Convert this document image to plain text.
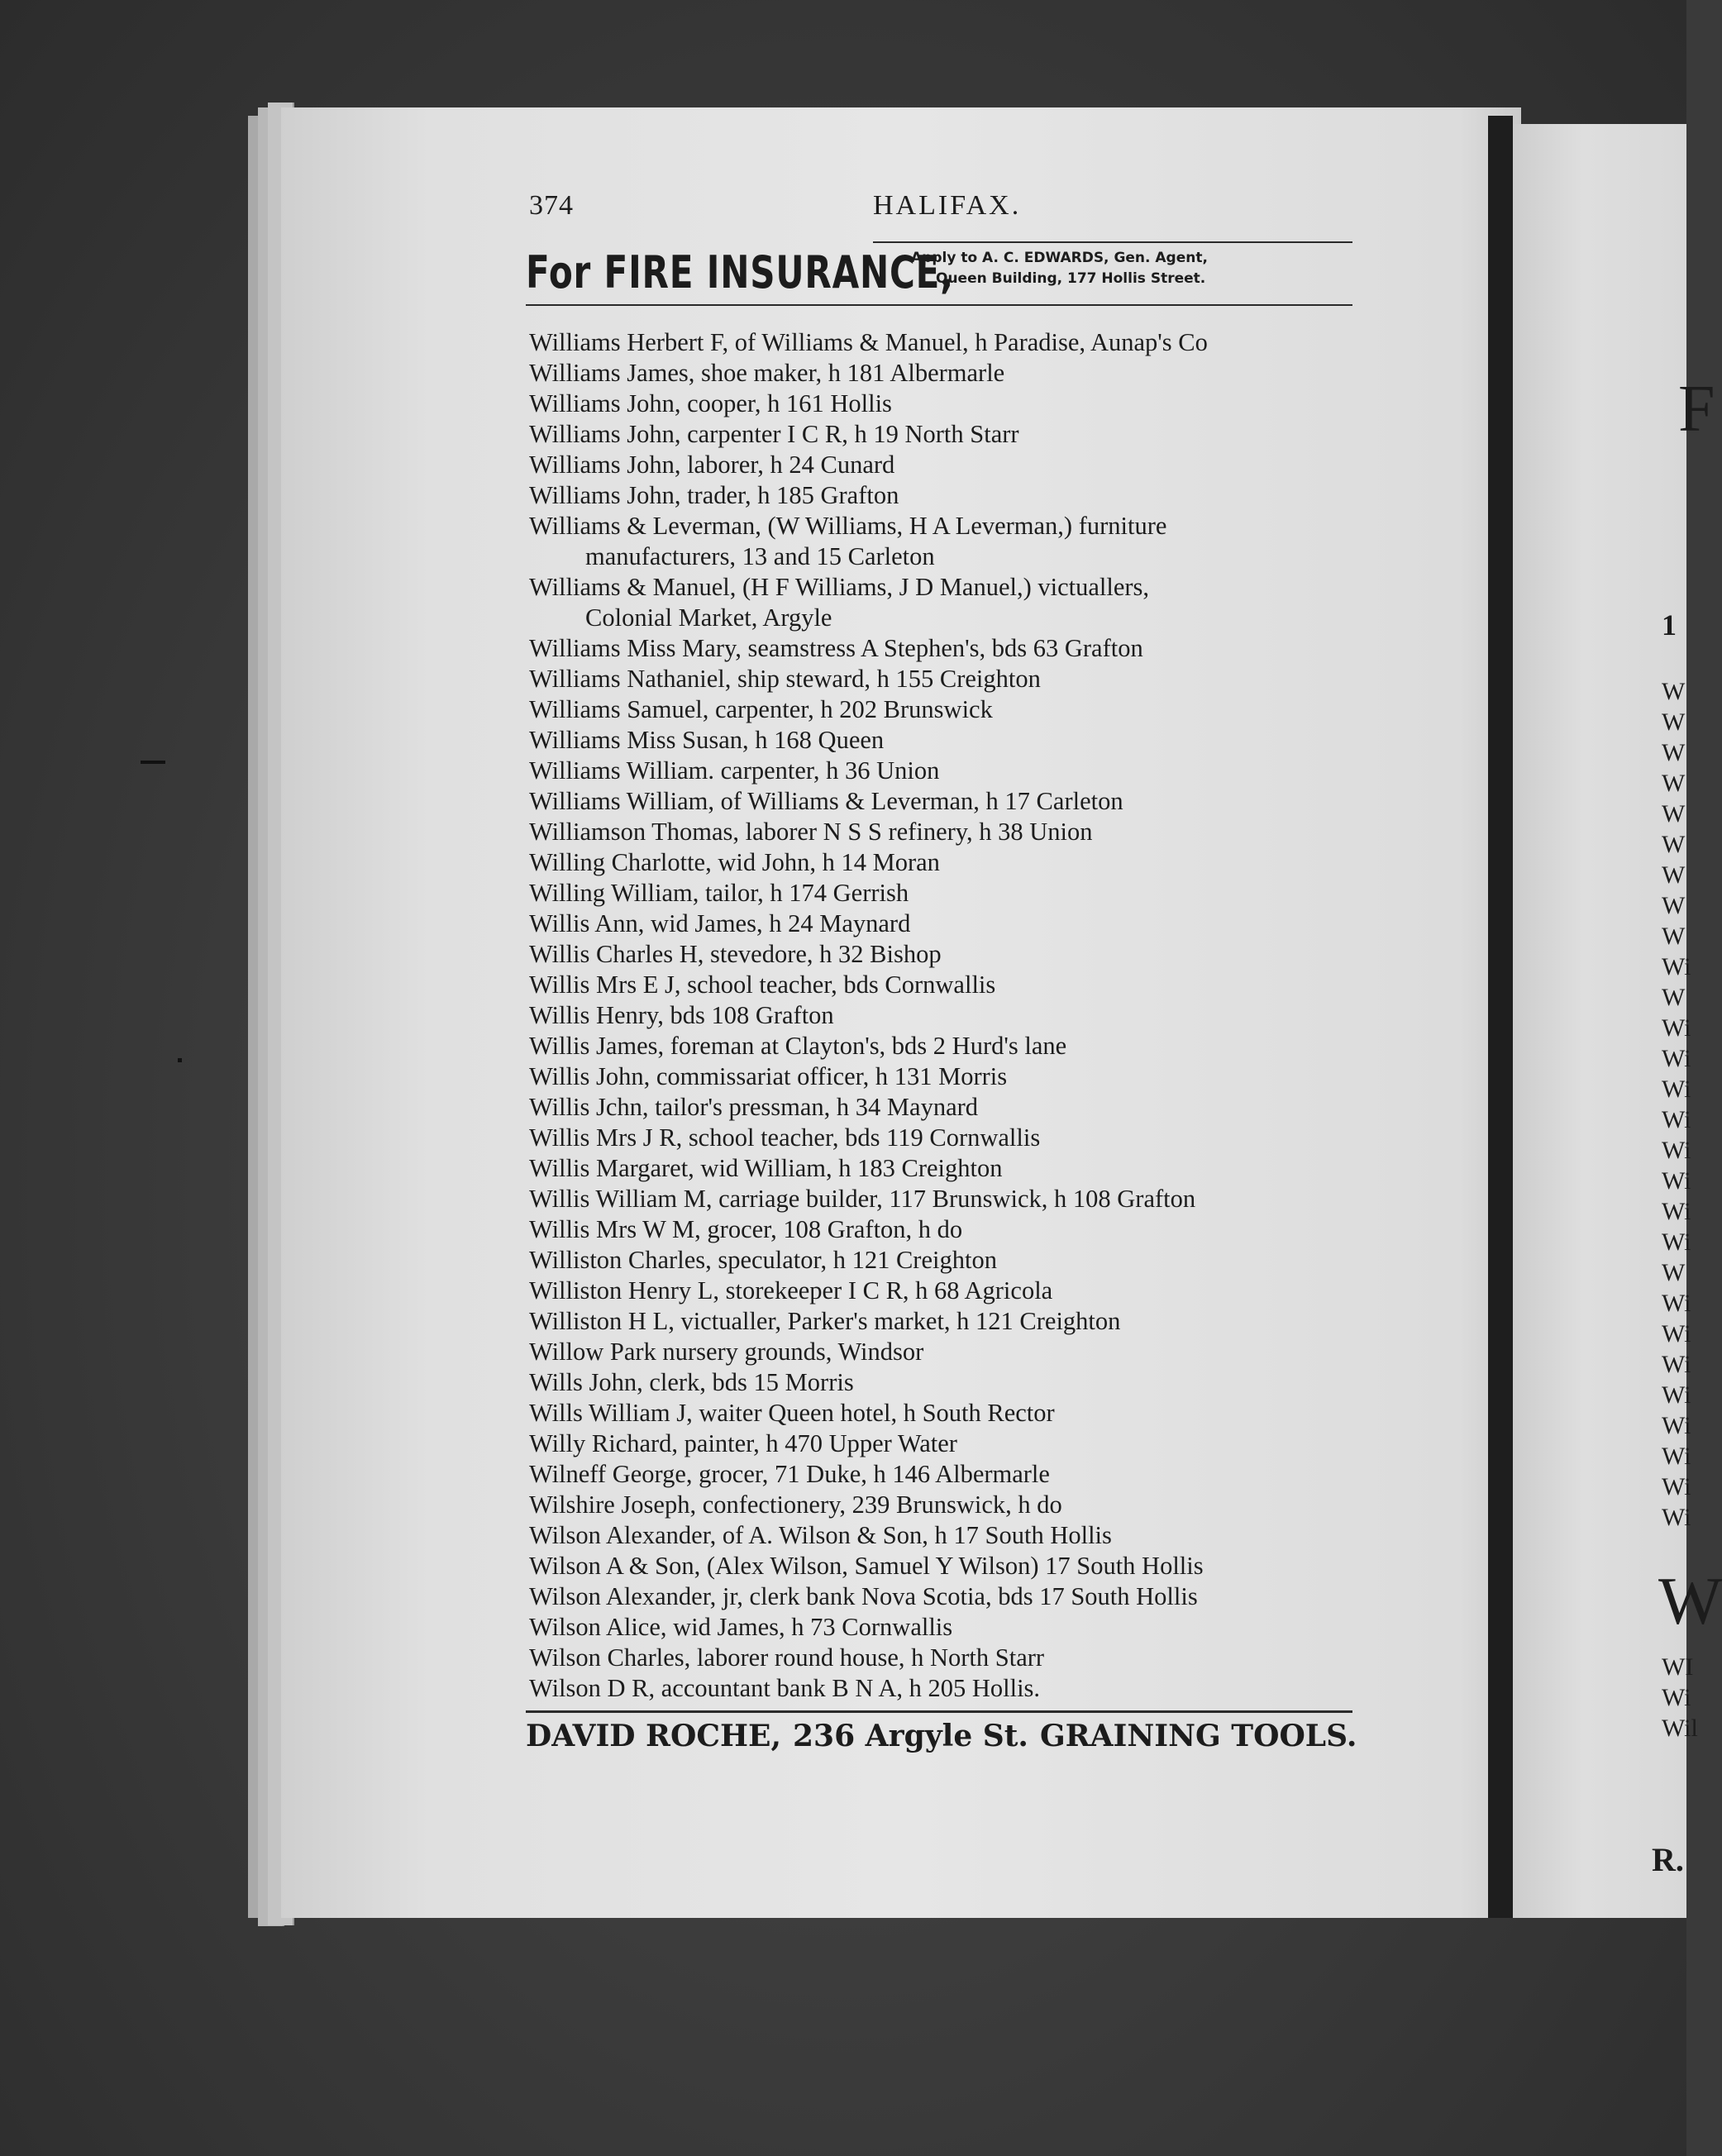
F
1
W
W
W
W
W
W
W
W
W
Wi
W
Wi
Wi
Wi
Wi
Wi
Wi
Wi
Wi
W
Wi
Wi
Wi
Wi
Wi
Wi
Wi
Wi
W
WI
Wi
Wil
R.
374	HALIFAX.
For FIRE INSURANCE,
Apply to A. C. EDWARDS, Gen. Agent,
Queen Building, 177 Hollis Street.
Williams Herbert F, of Williams & Manuel, h Paradise, Aunap's Co
Williams James, shoe maker, h 181 Albermarle
Williams John, cooper, h 161 Hollis
Williams John, carpenter I C R, h 19 North Starr
Williams John, laborer, h 24 Cunard
Williams John, trader, h 185 Grafton
Williams & Leverman, (W Williams, H A Leverman,) furniture
manufacturers, 13 and 15 Carleton
Williams & Manuel, (H F Williams, J D Manuel,) victuallers,
Colonial Market, Argyle
Williams Miss Mary, seamstress A Stephen's, bds 63 Grafton
Williams Nathaniel, ship steward, h 155 Creighton
Williams Samuel, carpenter, h 202 Brunswick
Williams Miss Susan, h 168 Queen
Williams William. carpenter, h 36 Union
Williams William, of Williams & Leverman, h 17 Carleton
Williamson Thomas, laborer N S S refinery, h 38 Union
Willing Charlotte, wid John, h 14 Moran
Willing William, tailor, h 174 Gerrish
Willis Ann, wid James, h 24 Maynard
Willis Charles H, stevedore, h 32 Bishop
Willis Mrs E J, school teacher, bds Cornwallis
Willis Henry, bds 108 Grafton
Willis James, foreman at Clayton's, bds 2 Hurd's lane
Willis John, commissariat officer, h 131 Morris
Willis Jchn, tailor's pressman, h 34 Maynard
Willis Mrs J R, school teacher, bds 119 Cornwallis
Willis Margaret, wid William, h 183 Creighton
Willis William M, carriage builder, 117 Brunswick, h 108 Grafton
Willis Mrs W M, grocer, 108 Grafton, h do
Williston Charles, speculator, h 121 Creighton
Williston Henry L, storekeeper I C R, h 68 Agricola
Williston H L, victualler, Parker's market, h 121 Creighton
Willow Park nursery grounds, Windsor
Wills John, clerk, bds 15 Morris
Wills William J, waiter Queen hotel, h South Rector
Willy Richard, painter, h 470 Upper Water
Wilneff George, grocer, 71 Duke, h 146 Albermarle
Wilshire Joseph, confectionery, 239 Brunswick, h do
Wilson Alexander, of A. Wilson & Son, h 17 South Hollis
Wilson A & Son, (Alex Wilson, Samuel Y Wilson) 17 South Hollis
Wilson Alexander, jr, clerk bank Nova Scotia, bds 17 South Hollis
Wilson Alice, wid James, h 73 Cornwallis
Wilson Charles, laborer round house, h North Starr
Wilson D R, accountant bank B N A, h 205 Hollis.
DAVID ROCHE, 236 Argyle St. GRAINING TOOLS.
